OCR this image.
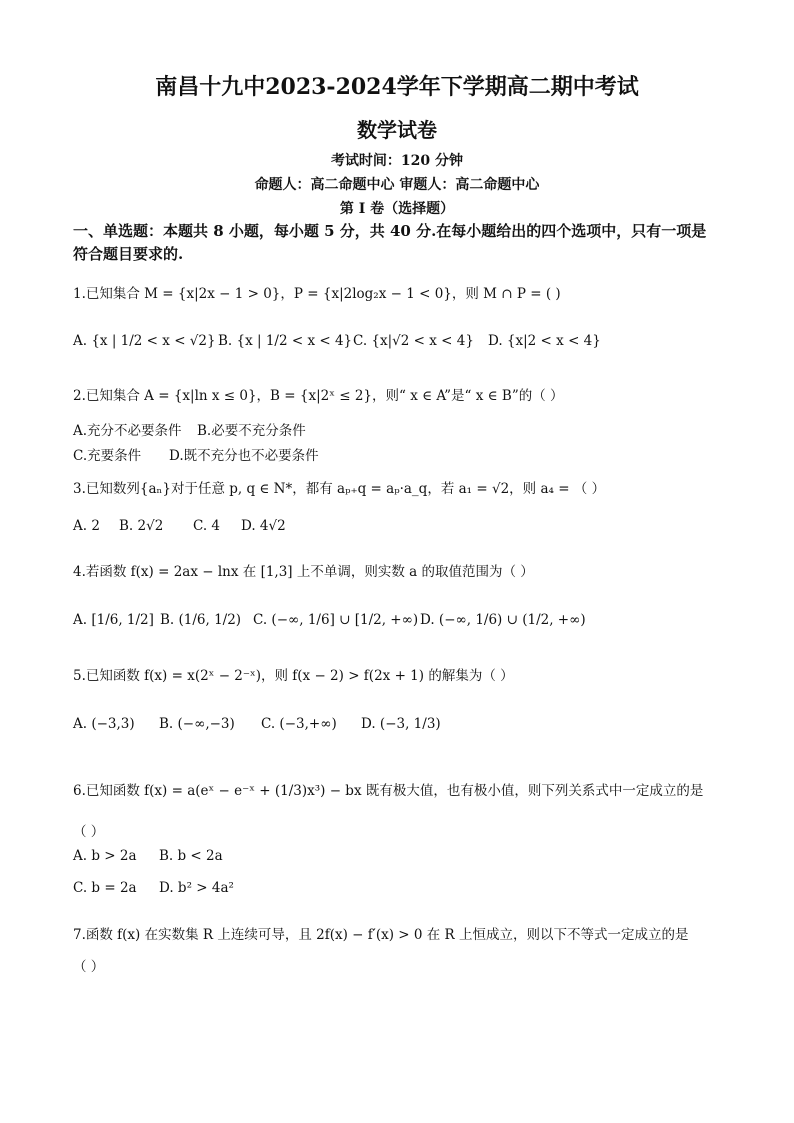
南昌十九中2023-2024学年下学期高二期中考试
数学试卷
考试时间：120 分钟
命题人：高二命题中心 审题人：高二命题中心
第 I 卷（选择题）
一、单选题：本题共 8 小题，每小题 5 分，共 40 分.在每小题给出的四个选项中，只有一项是
符合题目要求的.
1.已知集合 M = {x|2x − 1 > 0}，P = {x|2log₂x − 1 < 0}，则 M ∩ P = ( )
A. {x | 1/2 < x < √2} B. {x | 1/2 < x < 4} C. {x|√2 < x < 4} D. {x|2 < x < 4}
2.已知集合 A = {x|ln x ≤ 0}，B = {x|2ˣ ≤ 2}，则“ x ∈ A”是“ x ∈ B”的（ ）
A.充分不必要条件 B.必要不充分条件
C.充要条件 D.既不充分也不必要条件
3.已知数列{aₙ}对于任意 p, q ∈ N*，都有 aₚ₊q = aₚ·a_q，若 a₁ = √2，则 a₄ = （ ）
A. 2 B. 2√2 C. 4 D. 4√2
4.若函数 f(x) = 2ax − lnx 在 [1,3] 上不单调，则实数 a 的取值范围为（ ）
A. [1/6, 1/2] B. (1/6, 1/2) C. (−∞, 1/6] ∪ [1/2, +∞) D. (−∞, 1/6) ∪ (1/2, +∞)
5.已知函数 f(x) = x(2ˣ − 2⁻ˣ)，则 f(x − 2) > f(2x + 1) 的解集为（ ）
A. (−3,3) B. (−∞,−3) C. (−3,+∞) D. (−3, 1/3)
6.已知函数 f(x) = a(eˣ − e⁻ˣ + (1/3)x³) − bx 既有极大值，也有极小值，则下列关系式中一定成立的是
（ ）
A. b > 2a B. b < 2a
C. b = 2a D. b² > 4a²
7.函数 f(x) 在实数集 R 上连续可导，且 2f(x) − f′(x) > 0 在 R 上恒成立，则以下不等式一定成立的是
（ ）
